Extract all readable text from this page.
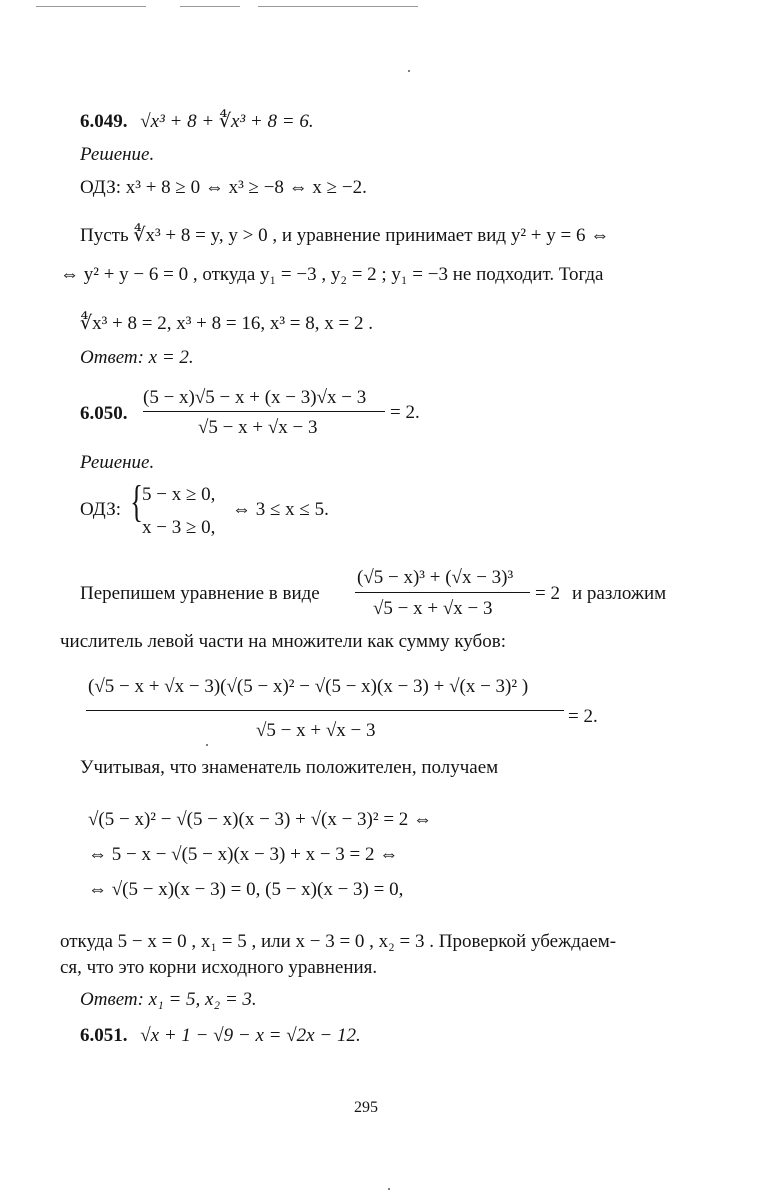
6.049. √x³ + 8 + ∜x³ + 8 = 6.
Решение.
ОДЗ: x³ + 8 ≥ 0 ⇔ x³ ≥ −8 ⇔ x ≥ −2.
Пусть ∜x³ + 8 = y, y > 0 , и уравнение принимает вид y² + y = 6 ⇔
⇔ y² + y − 6 = 0 , откуда y₁ = −3 , y₂ = 2 ; y₁ = −3 не подходит. Тогда
∜x³ + 8 = 2, x³ + 8 = 16, x³ = 8, x = 2 .
Ответ: x = 2.
6.050.
(5 − x)√5 − x + (x − 3)√x − 3
√5 − x + √x − 3
= 2.
Решение.
ОДЗ: { 5 − x ≥ 0,
x − 3 ≥ 0,
⇔ 3 ≤ x ≤ 5.
Перепишем уравнение в виде
(√5 − x)³ + (√x − 3)³
√5 − x + √x − 3
= 2 и разложим
числитель левой части на множители как сумму кубов:
(√5 − x + √x − 3)(√(5 − x)² − √(5 − x)(x − 3) + √(x − 3)² )
√5 − x + √x − 3
= 2.
Учитывая, что знаменатель положителен, получаем
√(5 − x)² − √(5 − x)(x − 3) + √(x − 3)² = 2 ⇔
⇔ 5 − x − √(5 − x)(x − 3) + x − 3 = 2 ⇔
⇔ √(5 − x)(x − 3) = 0, (5 − x)(x − 3) = 0,
откуда 5 − x = 0 , x₁ = 5 , или x − 3 = 0 , x₂ = 3 . Проверкой убеждаем-
ся, что это корни исходного уравнения.
Ответ: x₁ = 5, x₂ = 3.
6.051. √x + 1 − √9 − x = √2x − 12.
295
